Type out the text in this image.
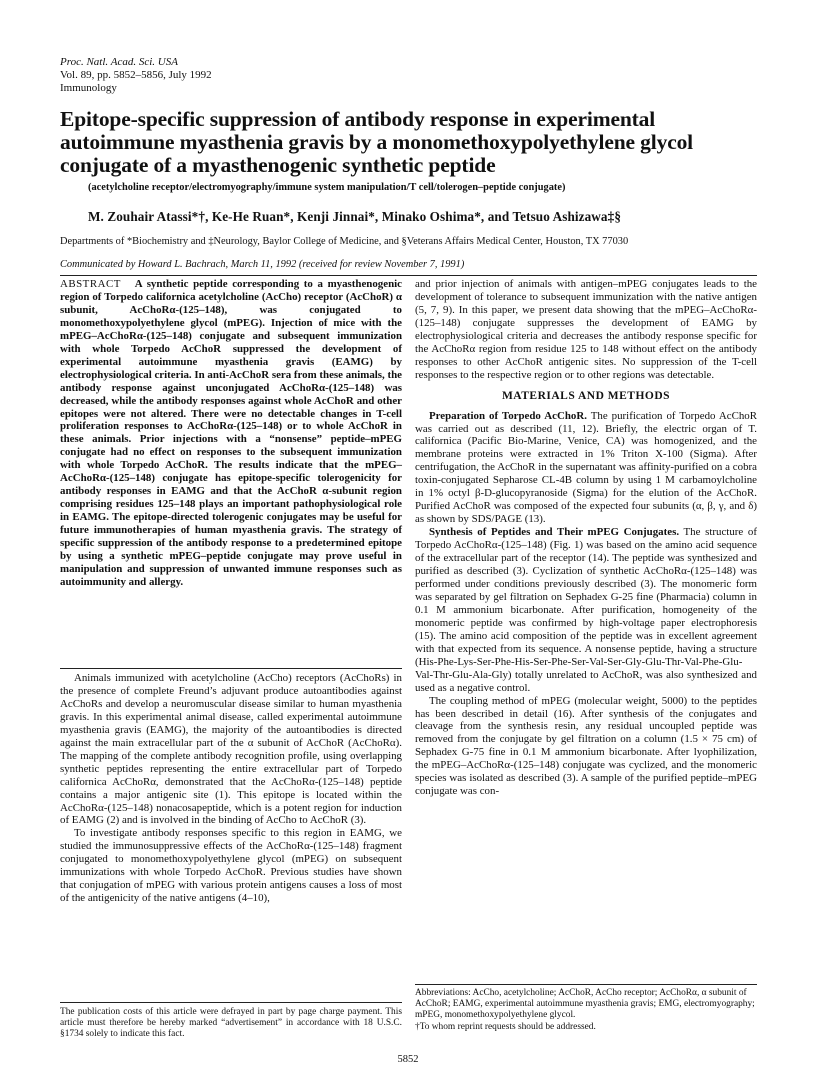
Proc. Natl. Acad. Sci. USA
Vol. 89, pp. 5852–5856, July 1992
Immunology
Epitope-specific suppression of antibody response in experimental autoimmune myasthenia gravis by a monomethoxypolyethylene glycol conjugate of a myasthenogenic synthetic peptide
(acetylcholine receptor/electromyography/immune system manipulation/T cell/tolerogen–peptide conjugate)
M. Zouhair Atassi*†, Ke-He Ruan*, Kenji Jinnai*, Minako Oshima*, and Tetsuo Ashizawa‡§
Departments of *Biochemistry and ‡Neurology, Baylor College of Medicine, and §Veterans Affairs Medical Center, Houston, TX 77030
Communicated by Howard L. Bachrach, March 11, 1992 (received for review November 7, 1991)

ABSTRACT A synthetic peptide corresponding to a myasthenogenic region of Torpedo californica acetylcholine (AcCho) receptor (AcChoR) α subunit, AcChoRα-(125–148), was conjugated to monomethoxypolyethylene glycol (mPEG). Injection of mice with the mPEG–AcChoRα-(125–148) conjugate and subsequent immunization with whole Torpedo AcChoR suppressed the development of experimental autoimmune myasthenia gravis (EAMG) by electrophysiological criteria. In anti-AcChoR sera from these animals, the antibody response against unconjugated AcChoRα-(125–148) was decreased, while the antibody responses against whole AcChoR and other epitopes were not altered. There were no detectable changes in T-cell proliferation responses to AcChoRα-(125–148) or to whole AcChoR in these animals. Prior injections with a “nonsense” peptide–mPEG conjugate had no effect on responses to the subsequent immunization with whole Torpedo AcChoR. The results indicate that the mPEG–AcChoRα-(125–148) conjugate has epitope-specific tolerogenicity for antibody responses in EAMG and that the AcChoR α-subunit region comprising residues 125–148 plays an important pathophysiological role in EAMG. The epitope-directed tolerogenic conjugates may be useful for future immunotherapies of human myasthenia gravis. The strategy of specific suppression of the antibody response to a predetermined epitope by using a synthetic mPEG–peptide conjugate may prove useful in manipulation and suppression of unwanted immune responses such as autoimmunity and allergy.

Animals immunized with acetylcholine (AcCho) receptors (AcChoRs) in the presence of complete Freund’s adjuvant produce autoantibodies against AcChoRs and develop a neuromuscular disease similar to human myasthenia gravis. In this experimental animal disease, called experimental autoimmune myasthenia gravis (EAMG), the majority of the autoantibodies is directed against the main extracellular part of the α subunit of AcChoR (AcChoRα). The mapping of the complete antibody recognition profile, using overlapping synthetic peptides representing the entire extracellular part of Torpedo californica AcChoRα, demonstrated that the AcChoRα-(125–148) peptide contains a major antigenic site (1). This epitope is located within the AcChoRα-(125–148) nonacosapeptide, which is a potent region for induction of EAMG (2) and is involved in the binding of AcCho to AcChoR (3).

To investigate antibody responses specific to this region in EAMG, we studied the immunosuppressive effects of the AcChoRα-(125–148) fragment conjugated to monomethoxypolyethylene glycol (mPEG) on subsequent immunizations with whole Torpedo AcChoR. Previous studies have shown that conjugation of mPEG with various protein antigens causes a loss of most of the antigenicity of the native antigens (4–10),

and prior injection of animals with antigen–mPEG conjugates leads to the development of tolerance to subsequent immunization with the native antigen (5, 7, 9). In this paper, we present data showing that the mPEG–AcChoRα-(125–148) conjugate suppresses the development of EAMG by electrophysiological criteria and decreases the antibody response specific for the AcChoRα region from residue 125 to 148 without effect on the antibody responses to other AcChoR antigenic sites. No suppression of the T-cell responses to the respective region or to other regions was detectable.

MATERIALS AND METHODS

Preparation of Torpedo AcChoR. The purification of Torpedo AcChoR was carried out as described (11, 12). Briefly, the electric organ of T. californica (Pacific Bio-Marine, Venice, CA) was homogenized, and the membrane proteins were extracted in 1% Triton X-100 (Sigma). After centrifugation, the AcChoR in the supernatant was affinity-purified on a cobra toxin-conjugated Sepharose CL-4B column by using 1 M carbamoylcholine in 1% octyl β-D-glucopyranoside (Sigma) for the elution of the AcChoR. Purified AcChoR was composed of the expected four subunits (α, β, γ, and δ) as shown by SDS/PAGE (13).

Synthesis of Peptides and Their mPEG Conjugates. The structure of Torpedo AcChoRα-(125–148) (Fig. 1) was based on the amino acid sequence of the extracellular part of the receptor (14). The peptide was synthesized and purified as described (3). Cyclization of synthetic AcChoRα-(125–148) was performed under conditions previously described (3). The monomeric form was separated by gel filtration on Sephadex G-25 fine (Pharmacia) column in 0.1 M ammonium bicarbonate. After purification, homogeneity of the monomeric peptide was confirmed by high-voltage paper electrophoresis (15). The amino acid composition of the peptide was in excellent agreement with that expected from its sequence. A nonsense peptide, having a structure (His-Phe-Lys-Ser-Phe-His-Ser-Phe-Ser-Val-Ser-Gly-Glu-Thr-Val-Phe-Glu-Val-Thr-Glu-Ala-Gly) totally unrelated to AcChoR, was also synthesized and used as a negative control.

The coupling method of mPEG (molecular weight, 5000) to the peptides has been described in detail (16). After synthesis of the conjugates and cleavage from the synthesis resin, any residual uncoupled peptide was removed from the conjugate by gel filtration on a column (1.5 × 75 cm) of Sephadex G-75 fine in 0.1 M ammonium bicarbonate. After lyophilization, the mPEG–AcChoRα-(125–148) conjugate was cyclized, and the monomeric species was isolated as described (3). A sample of the purified peptide–mPEG conjugate was con-

The publication costs of this article were defrayed in part by page charge payment. This article must therefore be hereby marked “advertisement” in accordance with 18 U.S.C. §1734 solely to indicate this fact.
Abbreviations: AcCho, acetylcholine; AcChoR, AcCho receptor; AcChoRα, α subunit of AcChoR; EAMG, experimental autoimmune myasthenia gravis; EMG, electromyography; mPEG, monomethoxypolyethylene glycol.
†To whom reprint requests should be addressed.
5852
